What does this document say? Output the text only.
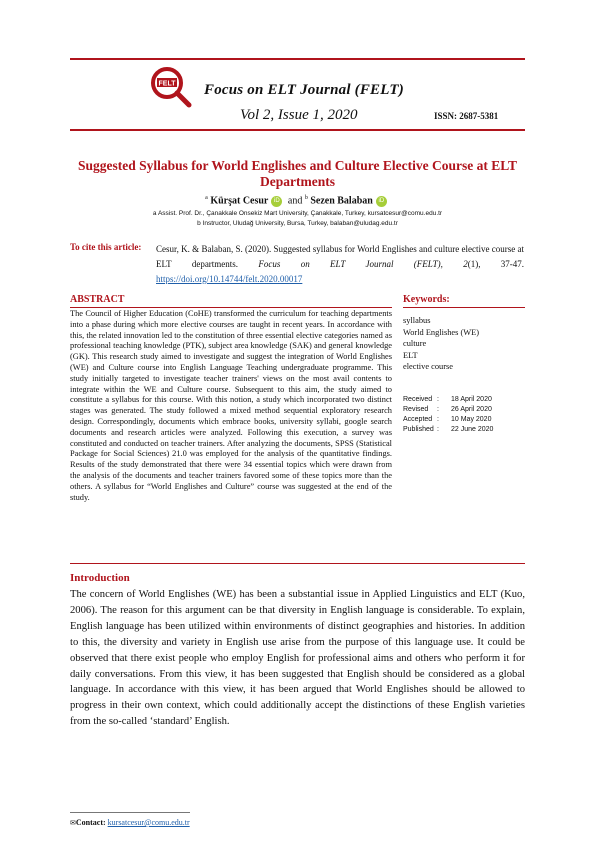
FELT Focus on ELT Journal (FELT)
Vol 2, Issue 1, 2020	ISSN: 2687-5381
Suggested Syllabus for World Englishes and Culture Elective Course at ELT Departments
$^a$ Kürşat Cesur iD and $^b$ Sezen Balaban iD
a Assist. Prof. Dr., Çanakkale Onsekiz Mart University, Çanakkale, Turkey, kursatcesur@comu.edu.tr
b Instructor, Uludağ University, Bursa, Turkey, balaban@uludag.edu.tr
To cite this article: Cesur, K. & Balaban, S. (2020). Suggested syllabus for World Englishes and culture elective course at ELT departments. Focus on ELT Journal (FELT), 2(1), 37-47. https://doi.org/10.14744/felt.2020.00017
ABSTRACT	Keywords:
The Council of Higher Education (CoHE) transformed the curriculum for teaching departments into a phase during which more elective courses are taught in recent years. In accordance with this, the related innovation led to the constitution of three essential elective categories named as professional teaching knowledge (PTK), subject area knowledge (SAK) and general knowledge (GK). This research study aimed to investigate and suggest the integration of World Englishes (WE) and Culture course into English Language Teaching undergraduate programme. This study initially targeted to investigate teacher trainers' views on the most avail contents to integrate within the WE and Culture course. Subsequent to this aim, the study aimed to constitute a syllabus for this course. With this notion, a study which incorporated two distinct stages was generated. The study followed a mixed method sequential exploratory research design. Correspondingly, documents which embrace books, university syllabi, google search documents and research articles were analyzed. Following this execution, a survey was constituted and conducted on teacher trainers. After analyzing the documents, SPSS (Statistical Package for Social Sciences) 21.0 was employed for the analysis of the quantitative findings. Results of the study demonstrated that there were 34 essential topics which were drawn from the analysis of the documents and teacher trainers favored some of these topics more than the others. A syllabus for “World Englishes and Culture” course was suggested at the end of the study.
syllabus
World Englishes (WE)
culture
ELT
elective course
Received	:	18 April 2020
Revised	:	26 April 2020
Accepted	:	10 May 2020
Published	:	22 June 2020
Introduction
The concern of World Englishes (WE) has been a substantial issue in Applied Linguistics and ELT (Kuo, 2006). The reason for this argument can be that diversity in English language is considerable. To explain, English language has been utilized within environments of distinct geographies and histories. In addition to this, the diversity and variety in English use arise from the purpose of this language use. It could be observed that there exist people who employ English for professional aims and others who perform it for daily conversations. From this view, it has been suggested that English should be considered as a global language. In accordance with this view, it has been argued that World Englishes should be allowed to progress in their own context, which could additionally accept the distinctions of these English varieties from the so-called ‘standard’ English.
✉Contact: kursatcesur@comu.edu.tr
